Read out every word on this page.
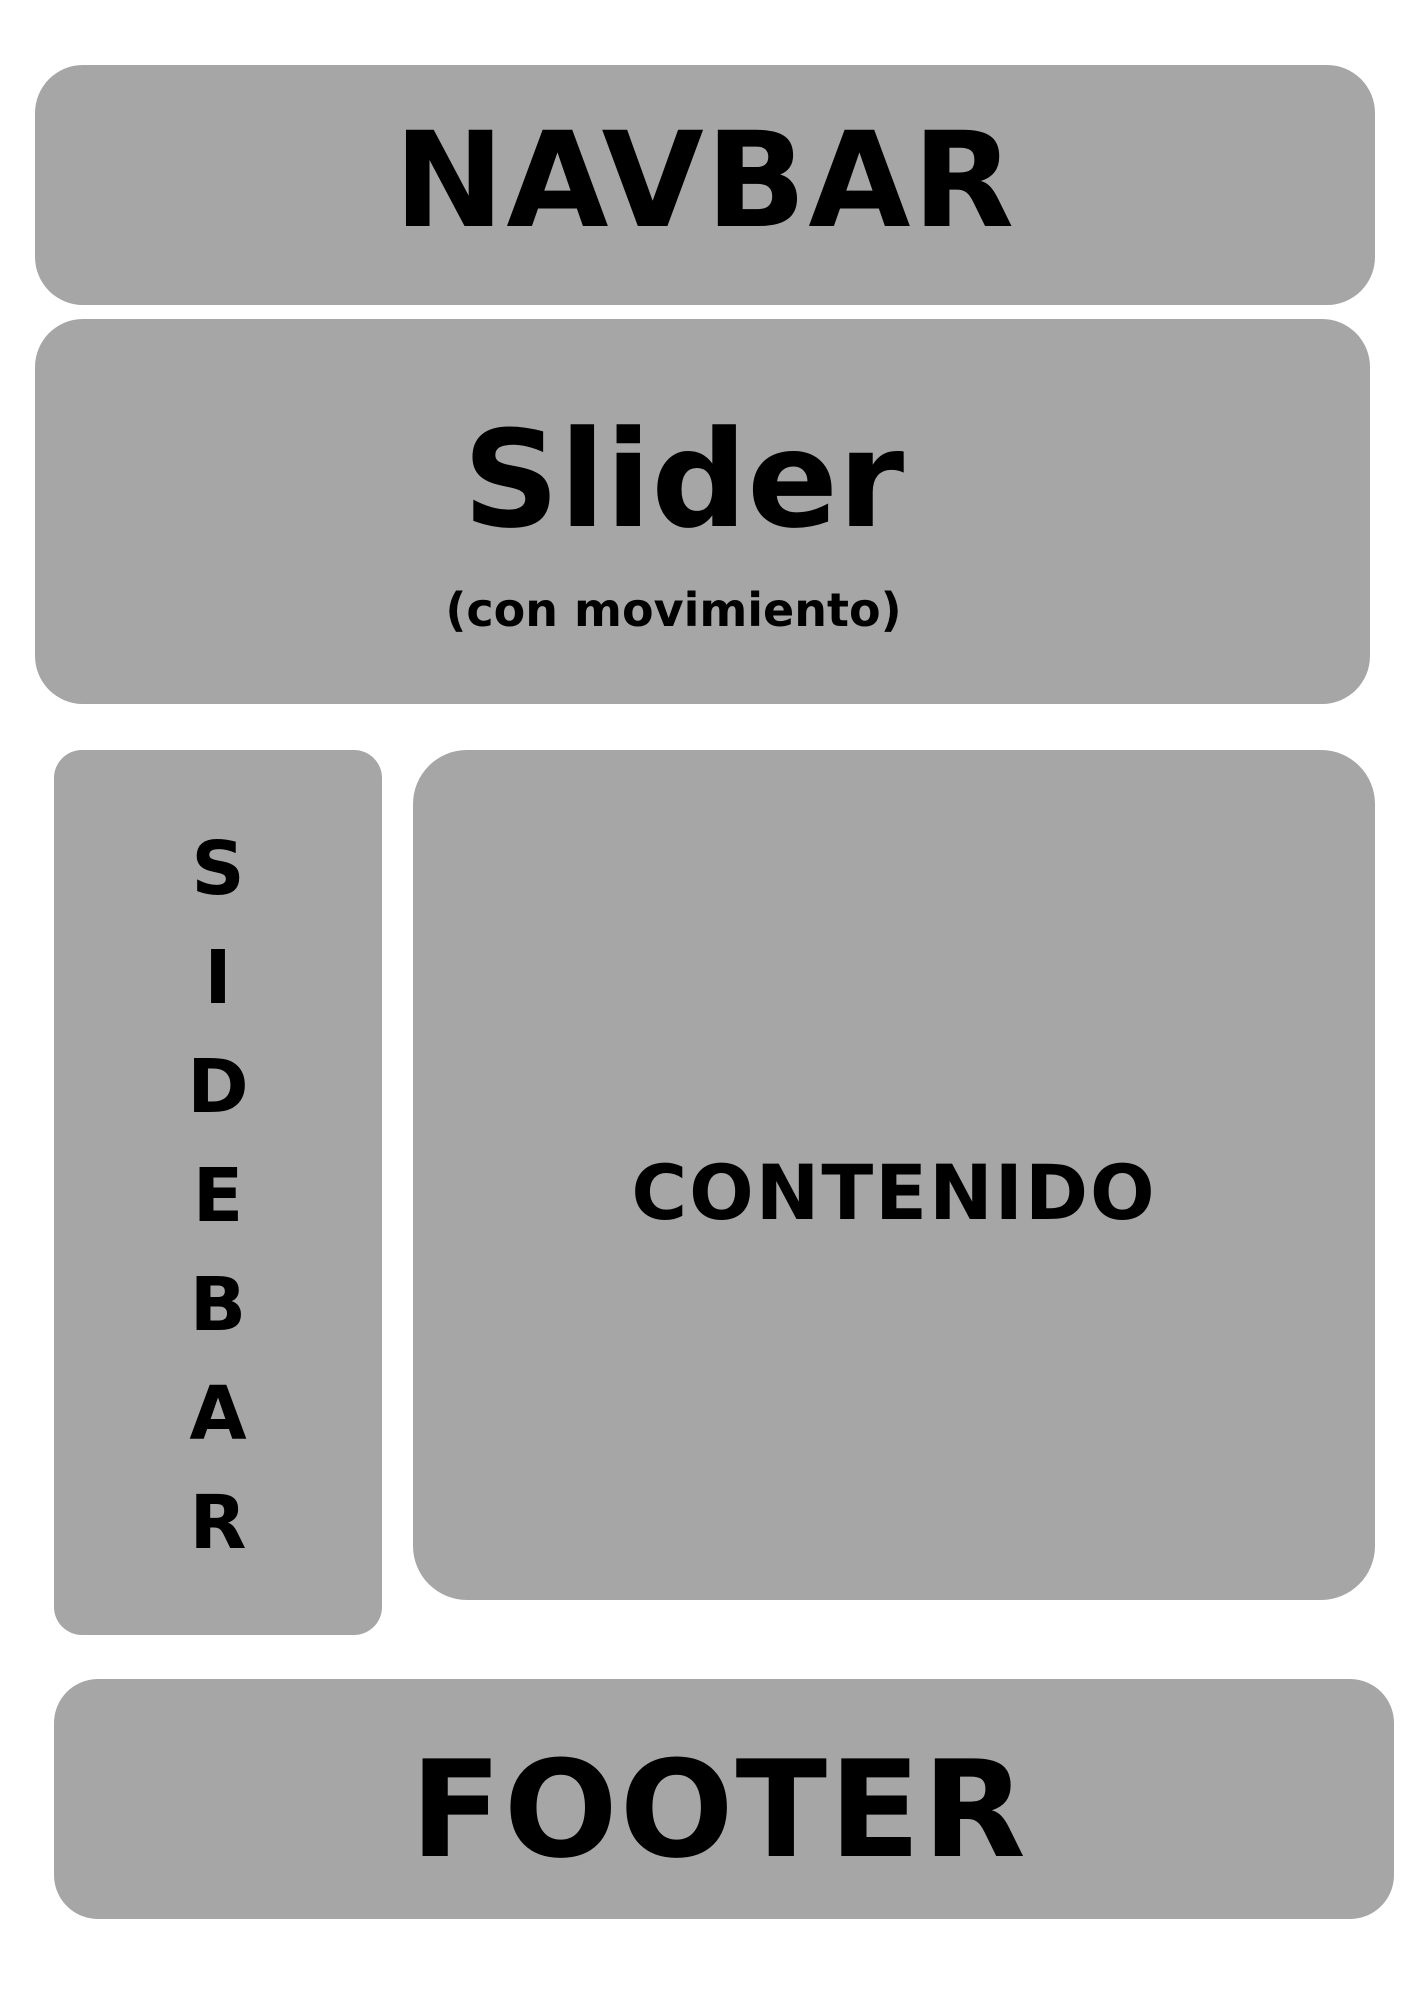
NAVBAR
Slider
(con movimiento)
S
I
D
E
B
A
R
CONTENIDO
FOOTER
